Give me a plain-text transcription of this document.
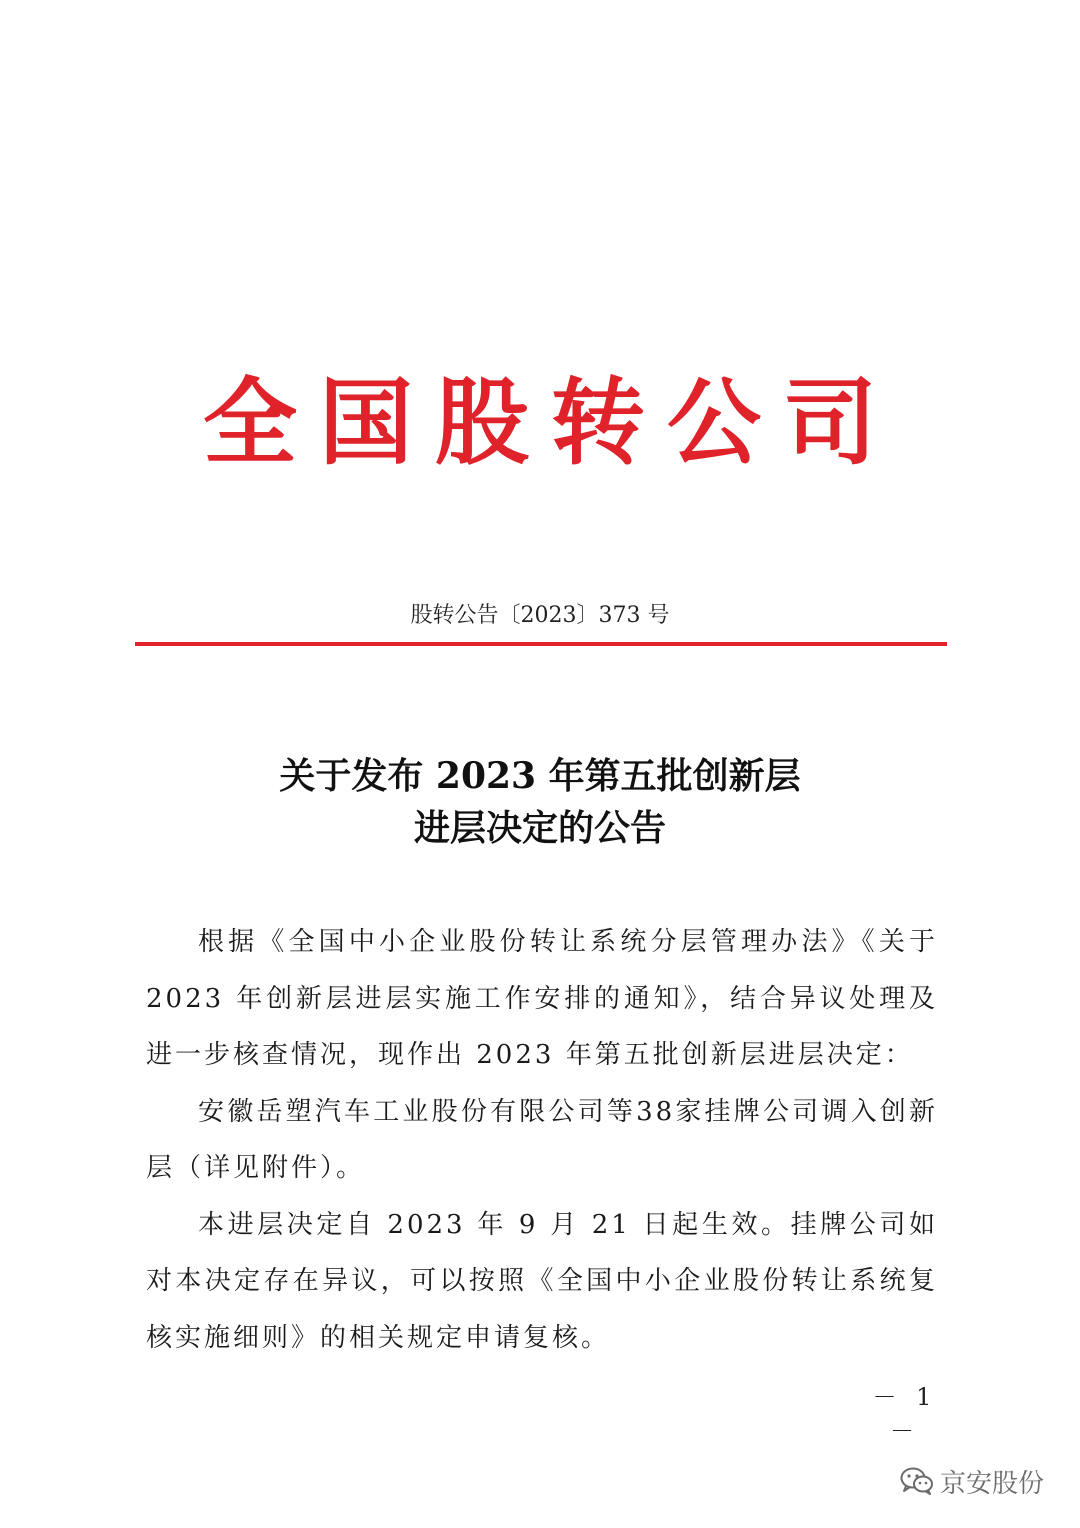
全国股转公司
股转公告〔2023〕373 号
关于发布 2023 年第五批创新层
进层决定的公告

根据《全国中小企业股份转让系统分层管理办法》《关于2023 年创新层进层实施工作安排的通知》，结合异议处理及进一步核查情况，现作出 2023 年第五批创新层进层决定：

安徽岳塑汽车工业股份有限公司等38家挂牌公司调入创新层（详见附件）。

本进层决定自 2023 年 9 月 21 日起生效。挂牌公司如对本决定存在异议，可以按照《全国中小企业股份转让系统复核实施细则》的相关规定申请复核。

－ 1 －
京安股份
